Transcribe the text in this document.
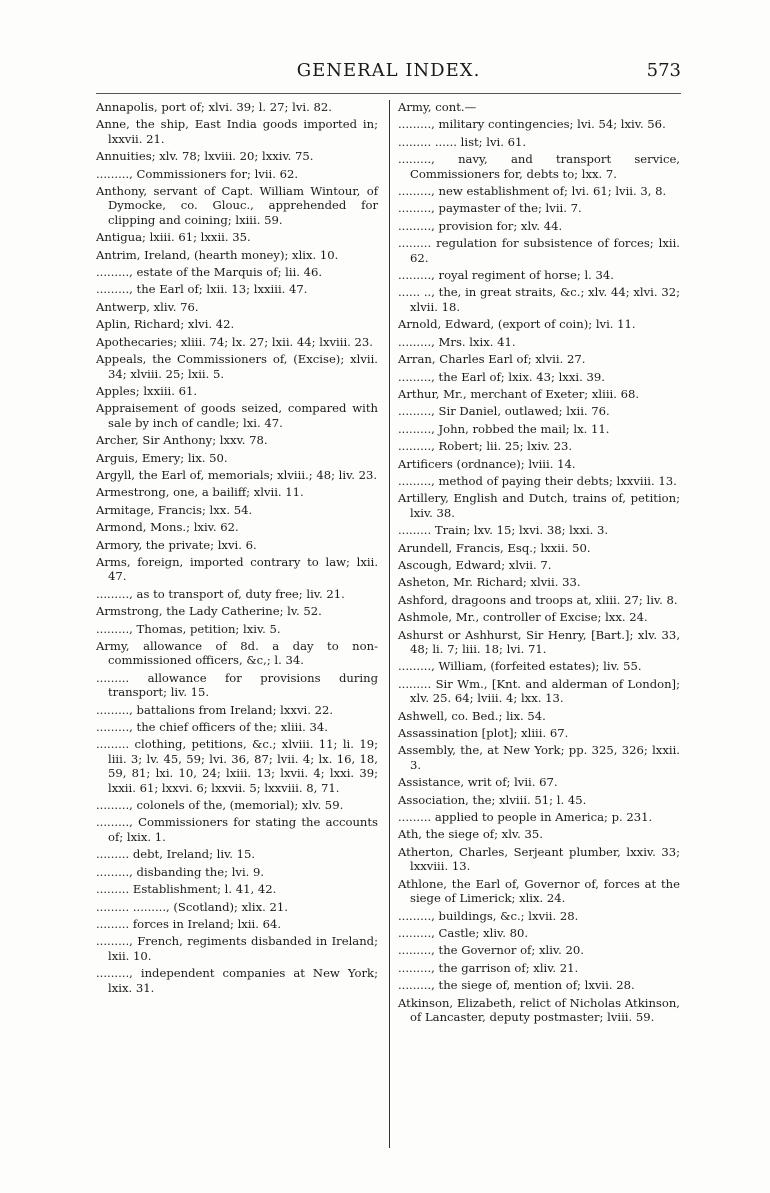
GENERAL INDEX.	573
Annapolis, port of; xlvi. 39; l. 27; lvi. 82.
Anne, the ship, East India goods imported in; lxxvii. 21.
Annuities; xlv. 78; lxviii. 20; lxxiv. 75.
........., Commissioners for; lvii. 62.
Anthony, servant of Capt. William Wintour, of Dymocke, co. Glouc., apprehended for clipping and coining; lxiii. 59.
Antigua; lxiii. 61; lxxii. 35.
Antrim, Ireland, (hearth money); xlix. 10.
........., estate of the Marquis of; lii. 46.
........., the Earl of; lxii. 13; lxxiii. 47.
Antwerp, xliv. 76.
Aplin, Richard; xlvi. 42.
Apothecaries; xliii. 74; lx. 27; lxii. 44; lxviii. 23.
Appeals, the Commissioners of, (Excise); xlvii. 34; xlviii. 25; lxii. 5.
Apples; lxxiii. 61.
Appraisement of goods seized, compared with sale by inch of candle; lxi. 47.
Archer, Sir Anthony; lxxv. 78.
Arguis, Emery; lix. 50.
Argyll, the Earl of, memorials; xlviii.; 48; liv. 23.
Armestrong, one, a bailiff; xlvii. 11.
Armitage, Francis; lxx. 54.
Armond, Mons.; lxiv. 62.
Armory, the private; lxvi. 6.
Arms, foreign, imported contrary to law; lxii. 47.
........., as to transport of, duty free; liv. 21.
Armstrong, the Lady Catherine; lv. 52.
........., Thomas, petition; lxiv. 5.
Army, allowance of 8d. a day to non-commissioned officers, &c,; l. 34.
......... allowance for provisions during transport; liv. 15.
........., battalions from Ireland; lxxvi. 22.
........., the chief officers of the; xliii. 34.
......... clothing, petitions, &c.; xlviii. 11; li. 19; liii. 3; lv. 45, 59; lvi. 36, 87; lvii. 4; lx. 16, 18, 59, 81; lxi. 10, 24; lxiii. 13; lxvii. 4; lxxi. 39; lxxii. 61; lxxvi. 6; lxxvii. 5; lxxviii. 8, 71.
........., colonels of the, (memorial); xlv. 59.
........., Commissioners for stating the accounts of; lxix. 1.
......... debt, Ireland; liv. 15.
........., disbanding the; lvi. 9.
......... Establishment; l. 41, 42.
......... ........., (Scotland); xlix. 21.
......... forces in Ireland; lxii. 64.
........., French, regiments disbanded in Ireland; lxii. 10.
........., independent companies at New York; lxix. 31.
Army, cont.—
........., military contingencies; lvi. 54; lxiv. 56.
......... ...... list; lvi. 61.
........., navy, and transport service, Commissioners for, debts to; lxx. 7.
........., new establishment of; lvi. 61; lvii. 3, 8.
........., paymaster of the; lvii. 7.
........., provision for; xlv. 44.
......... regulation for subsistence of forces; lxii. 62.
........., royal regiment of horse; l. 34.
...... .., the, in great straits, &c.; xlv. 44; xlvi. 32; xlvii. 18.
Arnold, Edward, (export of coin); lvi. 11.
........., Mrs. lxix. 41.
Arran, Charles Earl of; xlvii. 27.
........., the Earl of; lxix. 43; lxxi. 39.
Arthur, Mr., merchant of Exeter; xliii. 68.
........., Sir Daniel, outlawed; lxii. 76.
........., John, robbed the mail; lx. 11.
........., Robert; lii. 25; lxiv. 23.
Artificers (ordnance); lviii. 14.
........., method of paying their debts; lxxviii. 13.
Artillery, English and Dutch, trains of, petition; lxiv. 38.
......... Train; lxv. 15; lxvi. 38; lxxi. 3.
Arundell, Francis, Esq.; lxxii. 50.
Ascough, Edward; xlvii. 7.
Asheton, Mr. Richard; xlvii. 33.
Ashford, dragoons and troops at, xliii. 27; liv. 8.
Ashmole, Mr., controller of Excise; lxx. 24.
Ashurst or Ashhurst, Sir Henry, [Bart.]; xlv. 33, 48; li. 7; liii. 18; lvi. 71.
........., William, (forfeited estates); liv. 55.
......... Sir Wm., [Knt. and alderman of London]; xlv. 25. 64; lviii. 4; lxx. 13.
Ashwell, co. Bed.; lix. 54.
Assassination [plot]; xliii. 67.
Assembly, the, at New York; pp. 325, 326; lxxii. 3.
Assistance, writ of; lvii. 67.
Association, the; xlviii. 51; l. 45.
......... applied to people in America; p. 231.
Ath, the siege of; xlv. 35.
Atherton, Charles, Serjeant plumber, lxxiv. 33; lxxviii. 13.
Athlone, the Earl of, Governor of, forces at the siege of Limerick; xlix. 24.
........., buildings, &c.; lxvii. 28.
........., Castle; xliv. 80.
........., the Governor of; xliv. 20.
........., the garrison of; xliv. 21.
........., the siege of, mention of; lxvii. 28.
Atkinson, Elizabeth, relict of Nicholas Atkinson, of Lancaster, deputy postmaster; lviii. 59.
